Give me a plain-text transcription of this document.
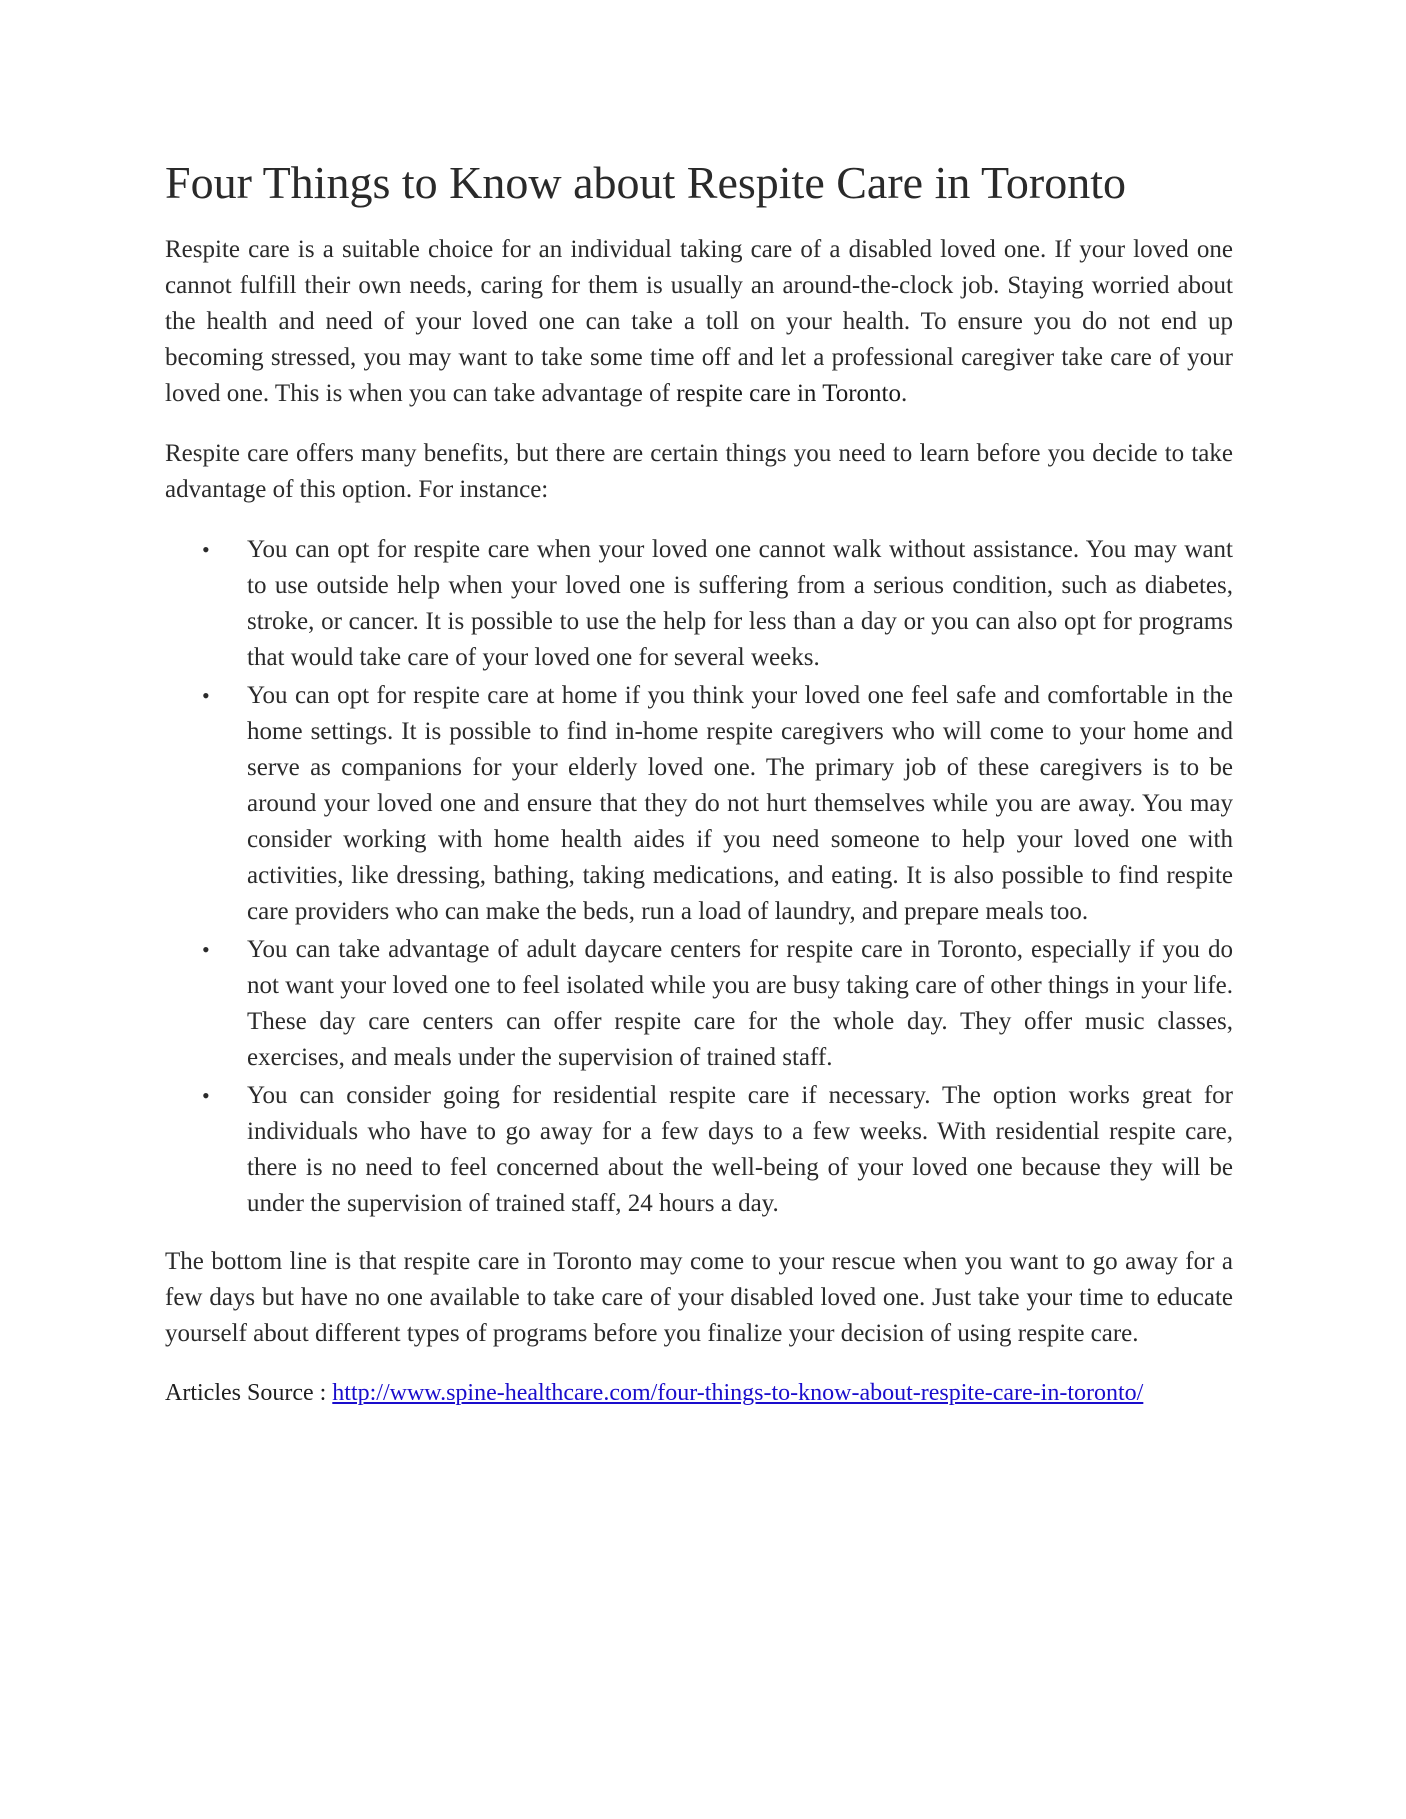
Four Things to Know about Respite Care in Toronto

Respite care is a suitable choice for an individual taking care of a disabled loved one. If your loved one cannot fulfill their own needs, caring for them is usually an around-the-clock job. Staying worried about the health and need of your loved one can take a toll on your health. To ensure you do not end up becoming stressed, you may want to take some time off and let a professional caregiver take care of your loved one. This is when you can take advantage of respite care in Toronto.

Respite care offers many benefits, but there are certain things you need to learn before you decide to take advantage of this option. For instance:

• You can opt for respite care when your loved one cannot walk without assistance. You may want to use outside help when your loved one is suffering from a serious condition, such as diabetes, stroke, or cancer. It is possible to use the help for less than a day or you can also opt for programs that would take care of your loved one for several weeks.
• You can opt for respite care at home if you think your loved one feel safe and comfortable in the home settings. It is possible to find in-home respite caregivers who will come to your home and serve as companions for your elderly loved one. The primary job of these caregivers is to be around your loved one and ensure that they do not hurt themselves while you are away. You may consider working with home health aides if you need someone to help your loved one with activities, like dressing, bathing, taking medications, and eating. It is also possible to find respite care providers who can make the beds, run a load of laundry, and prepare meals too.
• You can take advantage of adult daycare centers for respite care in Toronto, especially if you do not want your loved one to feel isolated while you are busy taking care of other things in your life. These day care centers can offer respite care for the whole day. They offer music classes, exercises, and meals under the supervision of trained staff.
• You can consider going for residential respite care if necessary. The option works great for individuals who have to go away for a few days to a few weeks. With residential respite care, there is no need to feel concerned about the well-being of your loved one because they will be under the supervision of trained staff, 24 hours a day.

The bottom line is that respite care in Toronto may come to your rescue when you want to go away for a few days but have no one available to take care of your disabled loved one. Just take your time to educate yourself about different types of programs before you finalize your decision of using respite care.

Articles Source : http://www.spine-healthcare.com/four-things-to-know-about-respite-care-in-toronto/
